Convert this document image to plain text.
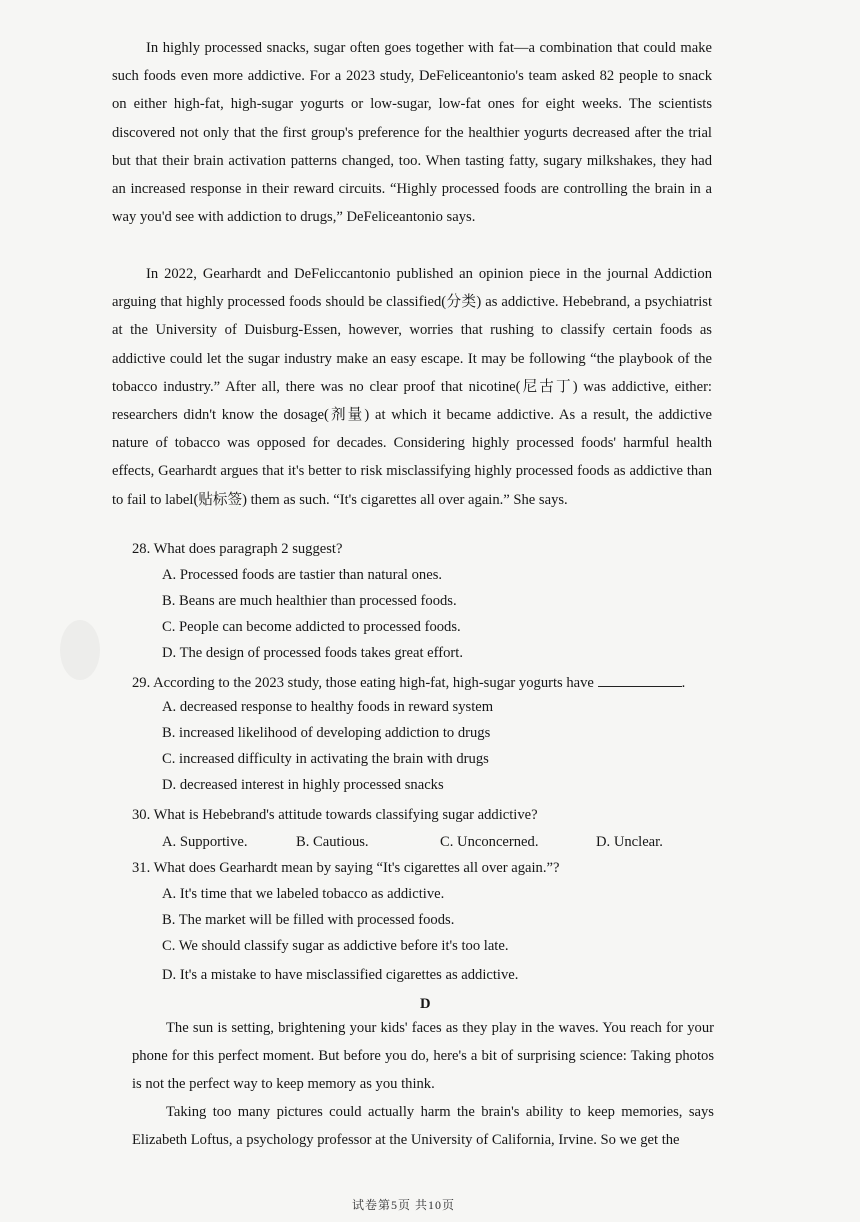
In highly processed snacks, sugar often goes together with fat—a combination that could make such foods even more addictive. For a 2023 study, DeFeliceantonio's team asked 82 people to snack on either high-fat, high-sugar yogurts or low-sugar, low-fat ones for eight weeks. The scientists discovered not only that the first group's preference for the healthier yogurts decreased after the trial but that their brain activation patterns changed, too. When tasting fatty, sugary milkshakes, they had an increased response in their reward circuits. “Highly processed foods are controlling the brain in a way you'd see with addiction to drugs,” DeFeliceantonio says.

In 2022, Gearhardt and DeFeliccantonio published an opinion piece in the journal Addiction arguing that highly processed foods should be classified(分类) as addictive. Hebebrand, a psychiatrist at the University of Duisburg-Essen, however, worries that rushing to classify certain foods as addictive could let the sugar industry make an easy escape. It may be following “the playbook of the tobacco industry.” After all, there was no clear proof that nicotine(尼古丁) was addictive, either: researchers didn't know the dosage(剂量) at which it became addictive. As a result, the addictive nature of tobacco was opposed for decades. Considering highly processed foods' harmful health effects, Gearhardt argues that it's better to risk misclassifying highly processed foods as addictive than to fail to label(贴标签) them as such. “It's cigarettes all over again.” She says.

28. What does paragraph 2 suggest?
A. Processed foods are tastier than natural ones.
B. Beans are much healthier than processed foods.
C. People can become addicted to processed foods.
D. The design of processed foods takes great effort.
29. According to the 2023 study, those eating high-fat, high-sugar yogurts have	.
A. decreased response to healthy foods in reward system
B. increased likelihood of developing addiction to drugs
C. increased difficulty in activating the brain with drugs
D. decreased interest in highly processed snacks
30. What is Hebebrand's attitude towards classifying sugar addictive?
A. Supportive.	B. Cautious.	C. Unconcerned.	D. Unclear.
31. What does Gearhardt mean by saying “It's cigarettes all over again.”?
A. It's time that we labeled tobacco as addictive.
B. The market will be filled with processed foods.
C. We should classify sugar as addictive before it's too late.
D. It's a mistake to have misclassified cigarettes as addictive.
D

The sun is setting, brightening your kids' faces as they play in the waves. You reach for your phone for this perfect moment. But before you do, here's a bit of surprising science: Taking photos is not the perfect way to keep memory as you think.

Taking too many pictures could actually harm the brain's ability to keep memories, says Elizabeth Loftus, a psychology professor at the University of California, Irvine. So we get the

试卷第5页 共10页
